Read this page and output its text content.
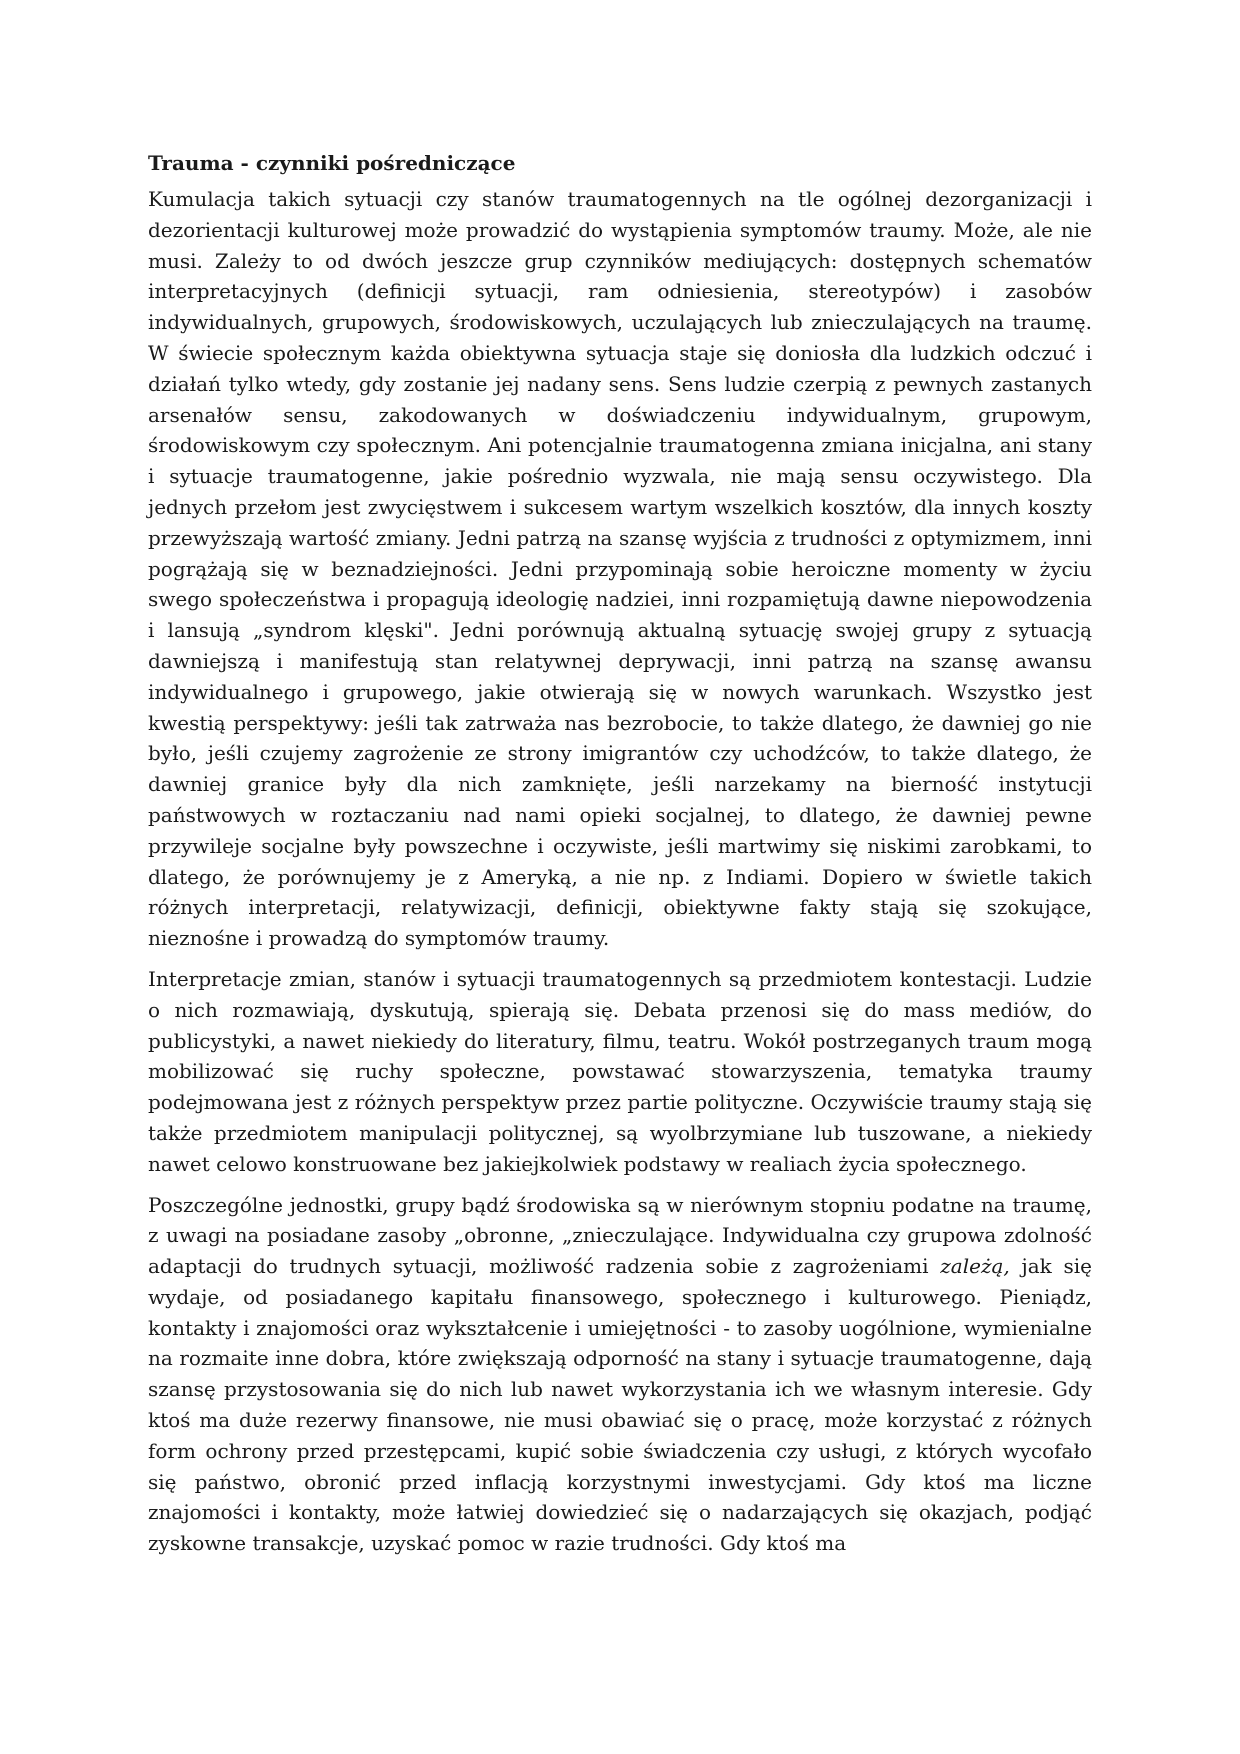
Trauma - czynniki pośredniczące

Kumulacja takich sytuacji czy stanów traumatogennych na tle ogólnej dezorganizacji i dezorientacji kulturowej może prowadzić do wystąpienia symptomów traumy. Może, ale nie musi. Zależy to od dwóch jeszcze grup czynników mediujących: dostępnych schematów interpretacyjnych (definicji sytuacji, ram odniesienia, stereotypów) i zasobów indywidualnych, grupowych, środowiskowych, uczulających lub znieczulających na traumę. W świecie społecznym każda obiektywna sytuacja staje się doniosła dla ludzkich odczuć i działań tylko wtedy, gdy zostanie jej nadany sens. Sens ludzie czerpią z pewnych zastanych arsenałów sensu, zakodowanych w doświadczeniu indywidualnym, grupowym, środowiskowym czy społecznym. Ani potencjalnie traumatogenna zmiana inicjalna, ani stany i sytuacje traumatogenne, jakie pośrednio wyzwala, nie mają sensu oczywistego. Dla jednych przełom jest zwycięstwem i sukcesem wartym wszelkich kosztów, dla innych koszty przewyższają wartość zmiany. Jedni patrzą na szansę wyjścia z trudności z optymizmem, inni pogrążają się w beznadziejności. Jedni przypominają sobie heroiczne momenty w życiu swego społeczeństwa i propagują ideologię nadziei, inni rozpamiętują dawne niepowodzenia i lansują „syndrom klęski". Jedni porównują aktualną sytuację swojej grupy z sytuacją dawniejszą i manifestują stan relatywnej deprywacji, inni patrzą na szansę awansu indywidualnego i grupowego, jakie otwierają się w nowych warunkach. Wszystko jest kwestią perspektywy: jeśli tak zatrważa nas bezrobocie, to także dlatego, że dawniej go nie było, jeśli czujemy zagrożenie ze strony imigrantów czy uchodźców, to także dlatego, że dawniej granice były dla nich zamknięte, jeśli narzekamy na bierność instytucji państwowych w roztaczaniu nad nami opieki socjalnej, to dlatego, że dawniej pewne przywileje socjalne były powszechne i oczywiste, jeśli martwimy się niskimi zarobkami, to dlatego, że porównujemy je z Ameryką, a nie np. z Indiami. Dopiero w świetle takich różnych interpretacji, relatywizacji, definicji, obiektywne fakty stają się szokujące, nieznośne i prowadzą do symptomów traumy.

Interpretacje zmian, stanów i sytuacji traumatogennych są przedmiotem kontestacji. Ludzie o nich rozmawiają, dyskutują, spierają się. Debata przenosi się do mass mediów, do publicystyki, a nawet niekiedy do literatury, filmu, teatru. Wokół postrzeganych traum mogą mobilizować się ruchy społeczne, powstawać stowarzyszenia, tematyka traumy podejmowana jest z różnych perspektyw przez partie polityczne. Oczywiście traumy stają się także przedmiotem manipulacji politycznej, są wyolbrzymiane lub tuszowane, a niekiedy nawet celowo konstruowane bez jakiejkolwiek podstawy w realiach życia społecznego.

Poszczególne jednostki, grupy bądź środowiska są w nierównym stopniu podatne na traumę, z uwagi na posiadane zasoby „obronne, „znieczulające. Indywidualna czy grupowa zdolność adaptacji do trudnych sytuacji, możliwość radzenia sobie z zagrożeniami zależą, jak się wydaje, od posiadanego kapitału finansowego, społecznego i kulturowego. Pieniądz, kontakty i znajomości oraz wykształcenie i umiejętności - to zasoby uogólnione, wymienialne na rozmaite inne dobra, które zwiększają odporność na stany i sytuacje traumatogenne, dają szansę przystosowania się do nich lub nawet wykorzystania ich we własnym interesie. Gdy ktoś ma duże rezerwy finansowe, nie musi obawiać się o pracę, może korzystać z różnych form ochrony przed przestępcami, kupić sobie świadczenia czy usługi, z których wycofało się państwo, obronić przed inflacją korzystnymi inwestycjami. Gdy ktoś ma liczne znajomości i kontakty, może łatwiej dowiedzieć się o nadarzających się okazjach, podjąć zyskowne transakcje, uzyskać pomoc w razie trudności. Gdy ktoś ma
